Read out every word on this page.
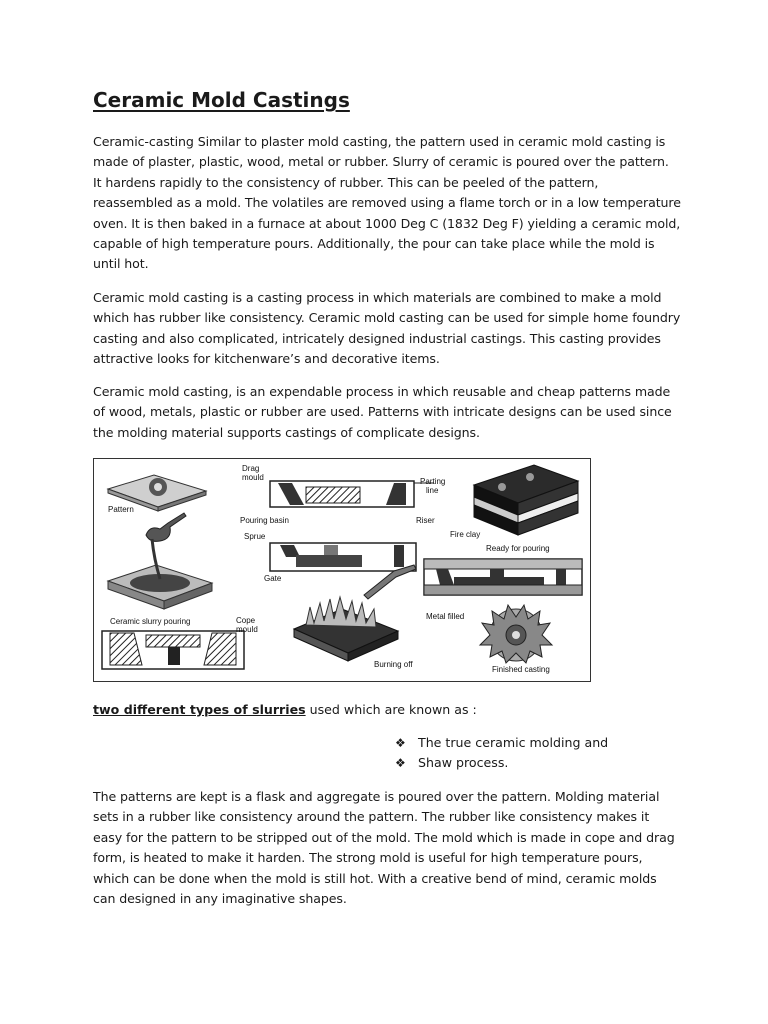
Ceramic Mold Castings
Ceramic-casting Similar to plaster mold casting, the pattern used in ceramic mold casting is made of plaster, plastic, wood, metal or rubber. Slurry of ceramic is poured over the pattern. It hardens rapidly to the consistency of rubber. This can be peeled of the pattern, reassembled as a mold. The volatiles are removed using a flame torch or in a low temperature oven. It is then baked in a furnace at about 1000 Deg C (1832 Deg F) yielding a ceramic mold, capable of high temperature pours. Additionally, the pour can take place while the mold is until hot.
Ceramic mold casting is a casting process in which materials are combined to make a mold which has rubber like consistency. Ceramic mold casting can be used for simple home foundry casting and also complicated, intricately designed industrial castings. This casting provides attractive looks for kitchenware’s and decorative items.
Ceramic mold casting, is an expendable process in which reusable and cheap patterns made of wood, metals, plastic or rubber are used. Patterns with intricate designs can be used since the molding material supports castings of complicate designs.
Pattern
Ceramic slurry pouring	Cope
mould
Drag
mould	Parting
line
Pouring basin
Sprue
Riser
Gate
Burning off
Fire clay
Ready for pouring
Metal filled
Finished casting
two different types of slurries used which are known as :
❖ The true ceramic molding and
❖ Shaw process.
The patterns are kept is a flask and aggregate is poured over the pattern. Molding material sets in a rubber like consistency around the pattern. The rubber like consistency makes it easy for the pattern to be stripped out of the mold. The mold which is made in cope and drag form, is heated to make it harden. The strong mold is useful for high temperature pours, which can be done when the mold is still hot. With a creative bend of mind, ceramic molds can designed in any imaginative shapes.
